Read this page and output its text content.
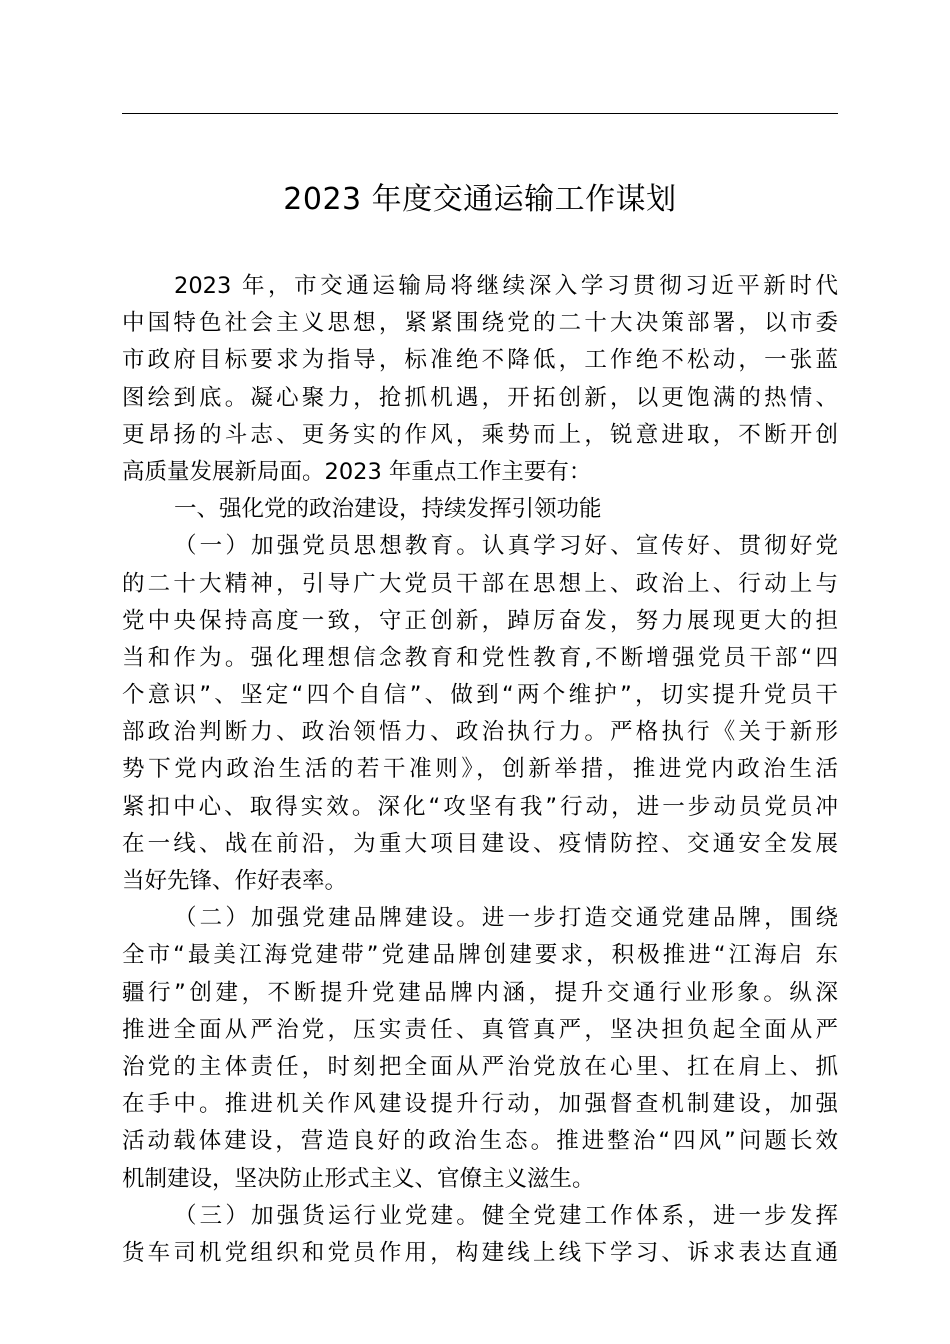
2023 年度交通运输工作谋划
2023 年，市交通运输局将继续深入学习贯彻习近平新时代
中国特色社会主义思想，紧紧围绕党的二十大决策部署，以市委
市政府目标要求为指导，标准绝不降低，工作绝不松动，一张蓝
图绘到底。凝心聚力，抢抓机遇，开拓创新，以更饱满的热情、
更昂扬的斗志、更务实的作风，乘势而上，锐意进取，不断开创
高质量发展新局面。2023 年重点工作主要有：
一、强化党的政治建设，持续发挥引领功能
（一）加强党员思想教育。认真学习好、宣传好、贯彻好党
的二十大精神，引导广大党员干部在思想上、政治上、行动上与
党中央保持高度一致，守正创新，踔厉奋发，努力展现更大的担
当和作为。强化理想信念教育和党性教育,不断增强党员干部“四
个意识”、坚定“四个自信”、做到“两个维护”，切实提升党员干
部政治判断力、政治领悟力、政治执行力。严格执行《关于新形
势下党内政治生活的若干准则》，创新举措，推进党内政治生活
紧扣中心、取得实效。深化“攻坚有我”行动，进一步动员党员冲
在一线、战在前沿，为重大项目建设、疫情防控、交通安全发展
当好先锋、作好表率。
（二）加强党建品牌建设。进一步打造交通党建品牌，围绕
全市“最美江海党建带”党建品牌创建要求，积极推进“江海启 东
疆行”创建，不断提升党建品牌内涵，提升交通行业形象。纵深
推进全面从严治党，压实责任、真管真严，坚决担负起全面从严
治党的主体责任，时刻把全面从严治党放在心里、扛在肩上、抓
在手中。推进机关作风建设提升行动，加强督查机制建设，加强
活动载体建设，营造良好的政治生态。推进整治“四风”问题长效
机制建设，坚决防止形式主义、官僚主义滋生。
（三）加强货运行业党建。健全党建工作体系，进一步发挥
货车司机党组织和党员作用，构建线上线下学习、诉求表达直通
